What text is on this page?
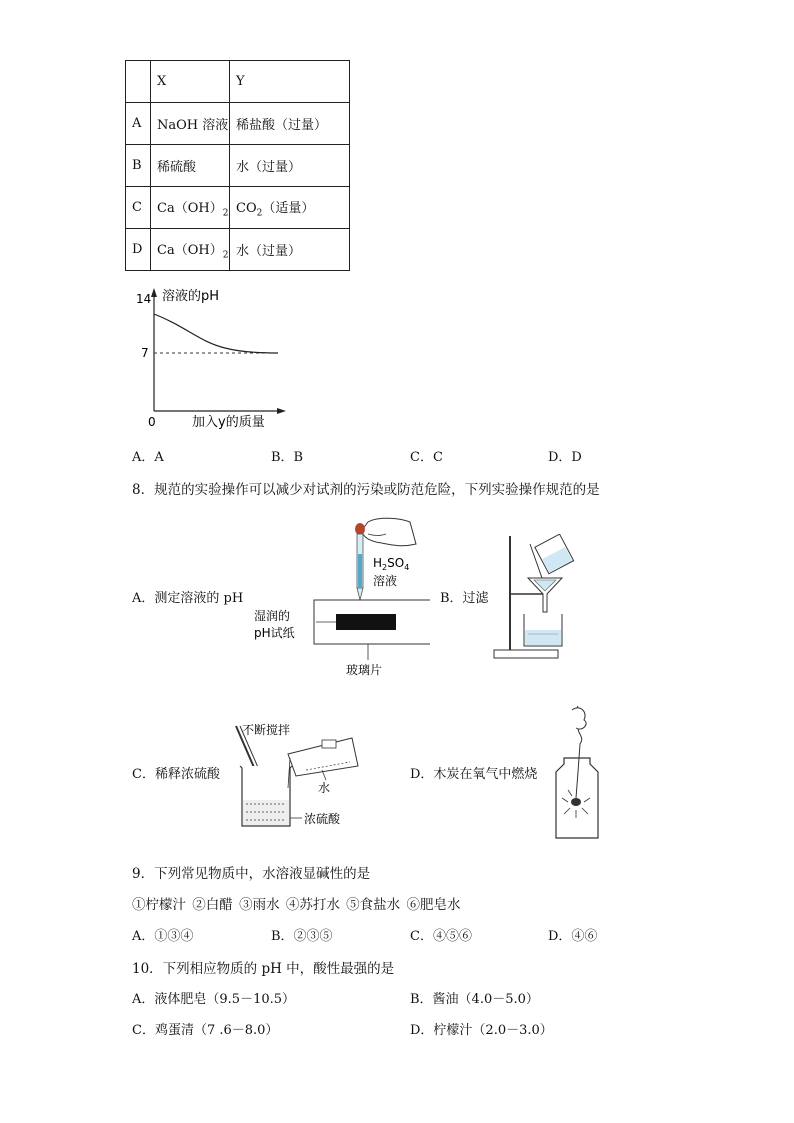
	X	Y
A	NaOH 溶液	稀盐酸（过量）
B	稀硫酸	水（过量）
C	$Ca(OH)_2$	$CO_2$（适量）
D	$Ca(OH)_2$	水（过量）
14
7
0
溶液的pH
加入y的质量
A．A	B．B	C．C	D．D
8．规范的实验操作可以减少对试剂的污染或防范危险，下列实验操作规范的是
A．测定溶液的 pH
$H_2SO_4$
溶液
湿润的
pH试纸
玻璃片
B．过滤
C．稀释浓硫酸
不断搅拌
水
浓硫酸
D．木炭在氧气中燃烧
9．下列常见物质中，水溶液显碱性的是
①柠檬汁 ②白醋 ③雨水 ④苏打水 ⑤食盐水 ⑥肥皂水
A．①③④	B．②③⑤	C．④⑤⑥	D．④⑥
10．下列相应物质的 pH 中，酸性最强的是
A．液体肥皂（9.5－10.5）	B．酱油（4.0－5.0）
C．鸡蛋清（7 .6－8.0）	D．柠檬汁（2.0－3.0）
